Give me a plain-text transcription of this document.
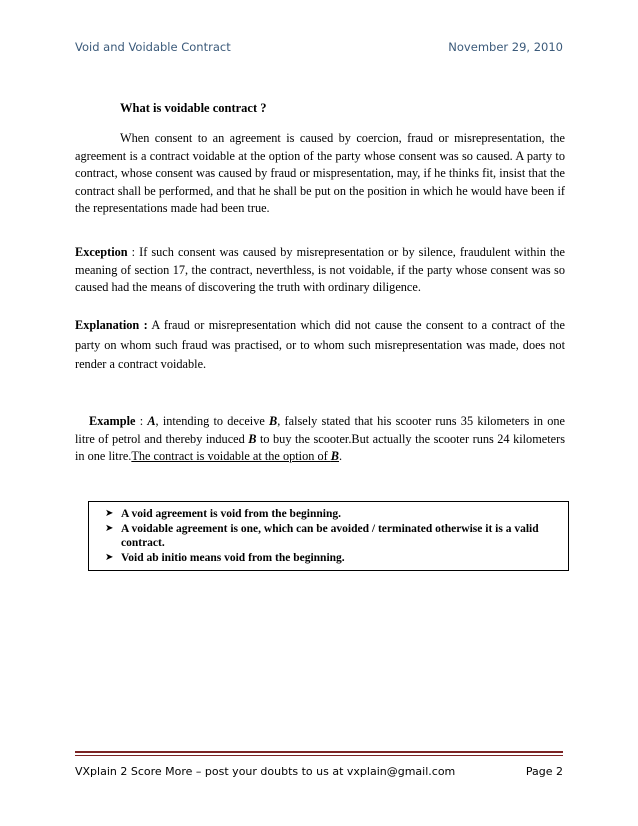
Void and Voidable Contract	November 29, 2010
What is voidable contract ?
When consent to an agreement is caused by coercion, fraud or misrepresentation, the agreement is a contract voidable at the option of the party whose consent was so caused. A party to contract, whose consent was caused by fraud or mispresentation, may, if he thinks fit, insist that the contract shall be performed, and that he shall be put on the position in which he would have been if the representations made had been true.
Exception : If such consent was caused by misrepresentation or by silence, fraudulent within the meaning of section 17, the contract, neverthless, is not voidable, if the party whose consent was so caused had the means of discovering the truth with ordinary diligence.
Explanation : A fraud or misrepresentation which did not cause the consent to a contract of the party on whom such fraud was practised, or to whom such misrepresentation was made, does not render a contract voidable.
Example : A, intending to deceive B, falsely stated that his scooter runs 35 kilometers in one litre of petrol and thereby induced B to buy the scooter.But actually the scooter runs 24 kilometers in one litre.The contract is voidable at the option of B.
➤ A void agreement is void from the beginning.
➤ A voidable agreement is one, which can be avoided / terminated otherwise it is a valid contract.
➤ Void ab initio means void from the beginning.
VXplain 2 Score More – post your doubts to us at vxplain@gmail.com	Page 2
